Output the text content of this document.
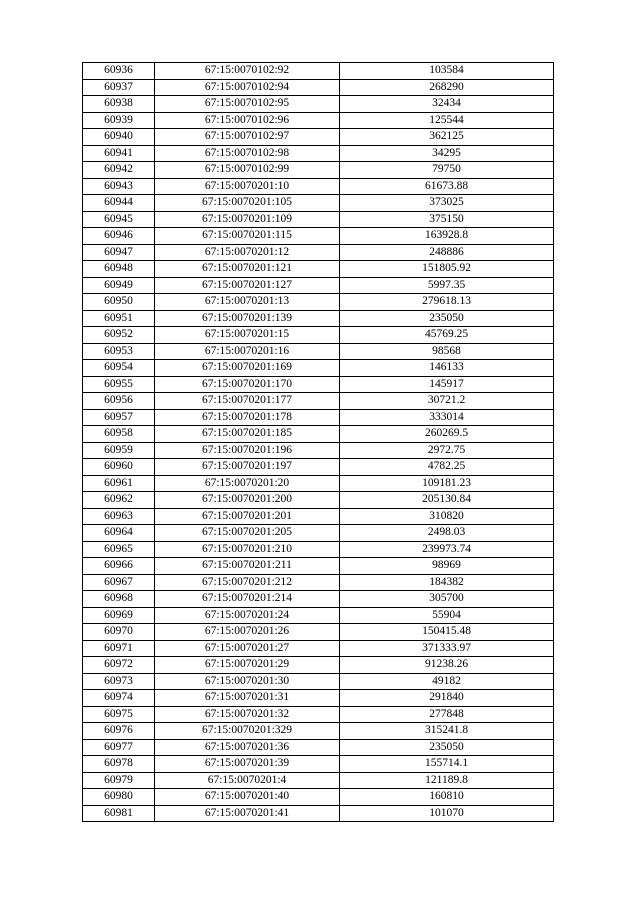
60936	67:15:0070102:92	103584
60937	67:15:0070102:94	268290
60938	67:15:0070102:95	32434
60939	67:15:0070102:96	125544
60940	67:15:0070102:97	362125
60941	67:15:0070102:98	34295
60942	67:15:0070102:99	79750
60943	67:15:0070201:10	61673.88
60944	67:15:0070201:105	373025
60945	67:15:0070201:109	375150
60946	67:15:0070201:115	163928.8
60947	67:15:0070201:12	248886
60948	67:15:0070201:121	151805.92
60949	67:15:0070201:127	5997.35
60950	67:15:0070201:13	279618.13
60951	67:15:0070201:139	235050
60952	67:15:0070201:15	45769.25
60953	67:15:0070201:16	98568
60954	67:15:0070201:169	146133
60955	67:15:0070201:170	145917
60956	67:15:0070201:177	30721.2
60957	67:15:0070201:178	333014
60958	67:15:0070201:185	260269.5
60959	67:15:0070201:196	2972.75
60960	67:15:0070201:197	4782.25
60961	67:15:0070201:20	109181.23
60962	67:15:0070201:200	205130.84
60963	67:15:0070201:201	310820
60964	67:15:0070201:205	2498.03
60965	67:15:0070201:210	239973.74
60966	67:15:0070201:211	98969
60967	67:15:0070201:212	184382
60968	67:15:0070201:214	305700
60969	67:15:0070201:24	55904
60970	67:15:0070201:26	150415.48
60971	67:15:0070201:27	371333.97
60972	67:15:0070201:29	91238.26
60973	67:15:0070201:30	49182
60974	67:15:0070201:31	291840
60975	67:15:0070201:32	277848
60976	67:15:0070201:329	315241.8
60977	67:15:0070201:36	235050
60978	67:15:0070201:39	155714.1
60979	67:15:0070201:4	121189.8
60980	67:15:0070201:40	160810
60981	67:15:0070201:41	101070
